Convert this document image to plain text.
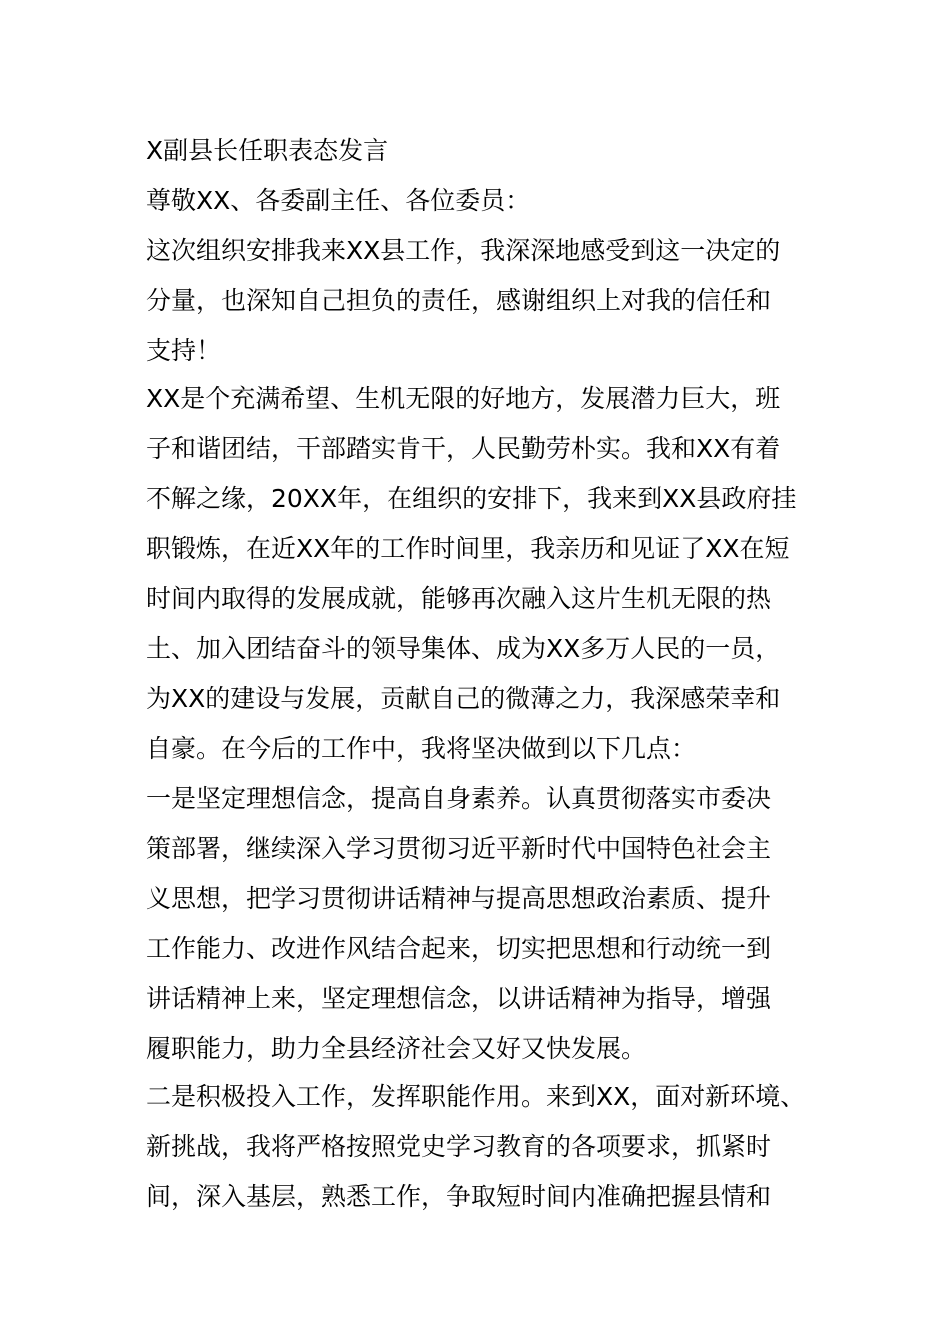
X副县长任职表态发言
尊敬XX、各委副主任、各位委员：
这次组织安排我来XX县工作，我深深地感受到这一决定的
分量，也深知自己担负的责任，感谢组织上对我的信任和
支持！
XX是个充满希望、生机无限的好地方，发展潜力巨大，班
子和谐团结，干部踏实肯干，人民勤劳朴实。我和XX有着
不解之缘，20XX年，在组织的安排下，我来到XX县政府挂
职锻炼，在近XX年的工作时间里，我亲历和见证了XX在短
时间内取得的发展成就，能够再次融入这片生机无限的热
土、加入团结奋斗的领导集体、成为XX多万人民的一员，
为XX的建设与发展，贡献自己的微薄之力，我深感荣幸和
自豪。在今后的工作中，我将坚决做到以下几点：
一是坚定理想信念，提高自身素养。认真贯彻落实市委决
策部署，继续深入学习贯彻习近平新时代中国特色社会主
义思想，把学习贯彻讲话精神与提高思想政治素质、提升
工作能力、改进作风结合起来，切实把思想和行动统一到
讲话精神上来，坚定理想信念，以讲话精神为指导，增强
履职能力，助力全县经济社会又好又快发展。
二是积极投入工作，发挥职能作用。来到XX，面对新环境、
新挑战，我将严格按照党史学习教育的各项要求，抓紧时
间，深入基层，熟悉工作，争取短时间内准确把握县情和
